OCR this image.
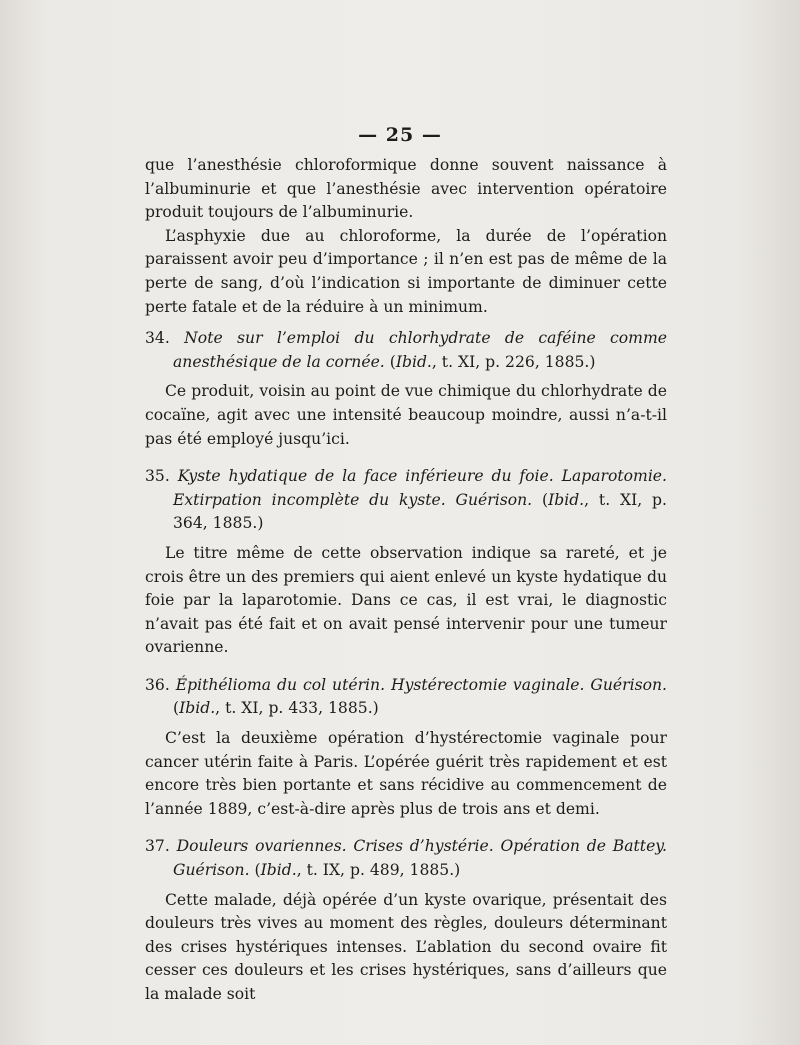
— 25 —

que l’anesthésie chloroformique donne souvent naissance à l’albuminurie et que l’anesthésie avec intervention opératoire produit toujours de l’albuminurie.

L’asphyxie due au chloroforme, la durée de l’opération paraissent avoir peu d’importance ; il n’en est pas de même de la perte de sang, d’où l’indication si importante de diminuer cette perte fatale et de la réduire à un minimum.

34. Note sur l’emploi du chlorhydrate de caféine comme anesthésique de la cornée. (Ibid., t. XI, p. 226, 1885.)

Ce produit, voisin au point de vue chimique du chlorhydrate de cocaïne, agit avec une intensité beaucoup moindre, aussi n’a-t-il pas été employé jusqu’ici.

35. Kyste hydatique de la face inférieure du foie. Laparotomie. Extirpation incomplète du kyste. Guérison. (Ibid., t. XI, p. 364, 1885.)

Le titre même de cette observation indique sa rareté, et je crois être un des premiers qui aient enlevé un kyste hydatique du foie par la laparotomie. Dans ce cas, il est vrai, le diagnostic n’avait pas été fait et on avait pensé intervenir pour une tumeur ovarienne.

36. Épithélioma du col utérin. Hystérectomie vaginale. Guérison. (Ibid., t. XI, p. 433, 1885.)

C’est la deuxième opération d’hystérectomie vaginale pour cancer utérin faite à Paris. L’opérée guérit très rapidement et est encore très bien portante et sans récidive au commencement de l’année 1889, c’est-à-dire après plus de trois ans et demi.

37. Douleurs ovariennes. Crises d’hystérie. Opération de Battey. Guérison. (Ibid., t. IX, p. 489, 1885.)

Cette malade, déjà opérée d’un kyste ovarique, présentait des douleurs très vives au moment des règles, douleurs déterminant des crises hystériques intenses. L’ablation du second ovaire fit cesser ces douleurs et les crises hystériques, sans d’ailleurs que la malade soit
